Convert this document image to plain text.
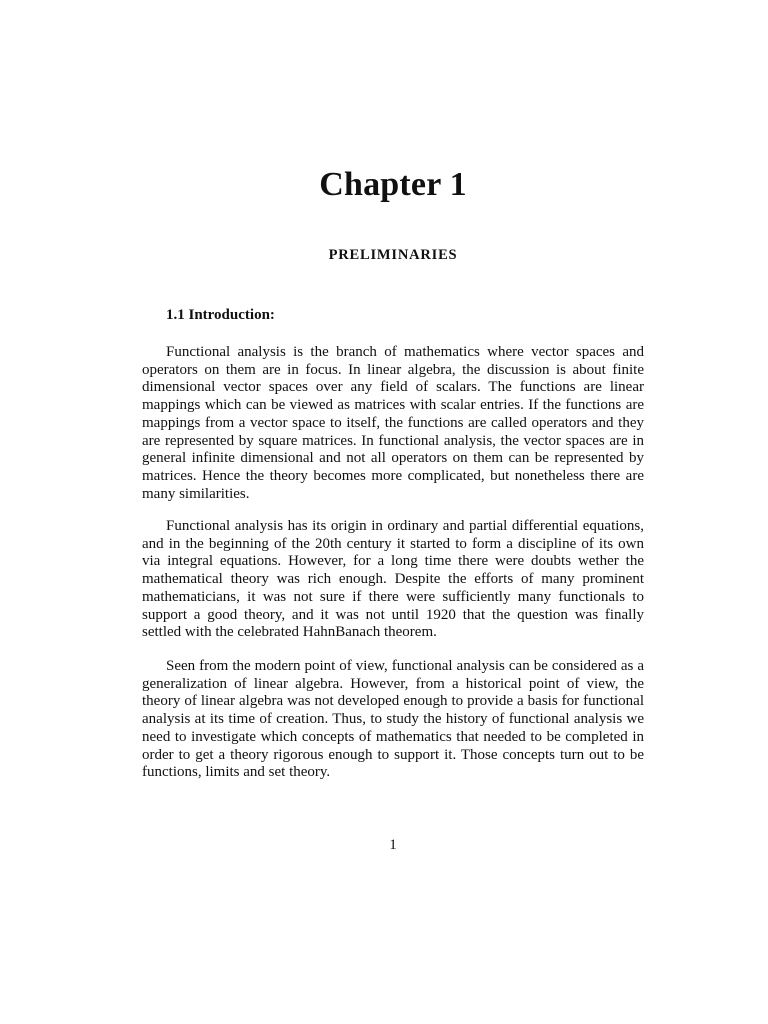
Chapter 1
PRELIMINARIES
1.1 Introduction:

Functional analysis is the branch of mathematics where vector spaces and operators on them are in focus. In linear algebra, the discussion is about finite dimensional vector spaces over any field of scalars. The functions are linear mappings which can be viewed as matrices with scalar entries. If the functions are mappings from a vector space to itself, the functions are called operators and they are represented by square matrices. In functional analysis, the vector spaces are in general infinite dimensional and not all operators on them can be represented by matrices. Hence the theory becomes more complicated, but nonetheless there are many similarities.

Functional analysis has its origin in ordinary and partial differential equations, and in the beginning of the 20th century it started to form a discipline of its own via integral equations. However, for a long time there were doubts wether the mathematical theory was rich enough. Despite the efforts of many prominent mathematicians, it was not sure if there were sufficiently many functionals to support a good theory, and it was not until 1920 that the question was finally settled with the celebrated HahnBanach theorem.

Seen from the modern point of view, functional analysis can be considered as a generalization of linear algebra. However, from a historical point of view, the theory of linear algebra was not developed enough to provide a basis for functional analysis at its time of creation. Thus, to study the history of functional analysis we need to investigate which concepts of mathematics that needed to be completed in order to get a theory rigorous enough to support it. Those concepts turn out to be functions, limits and set theory.

1
